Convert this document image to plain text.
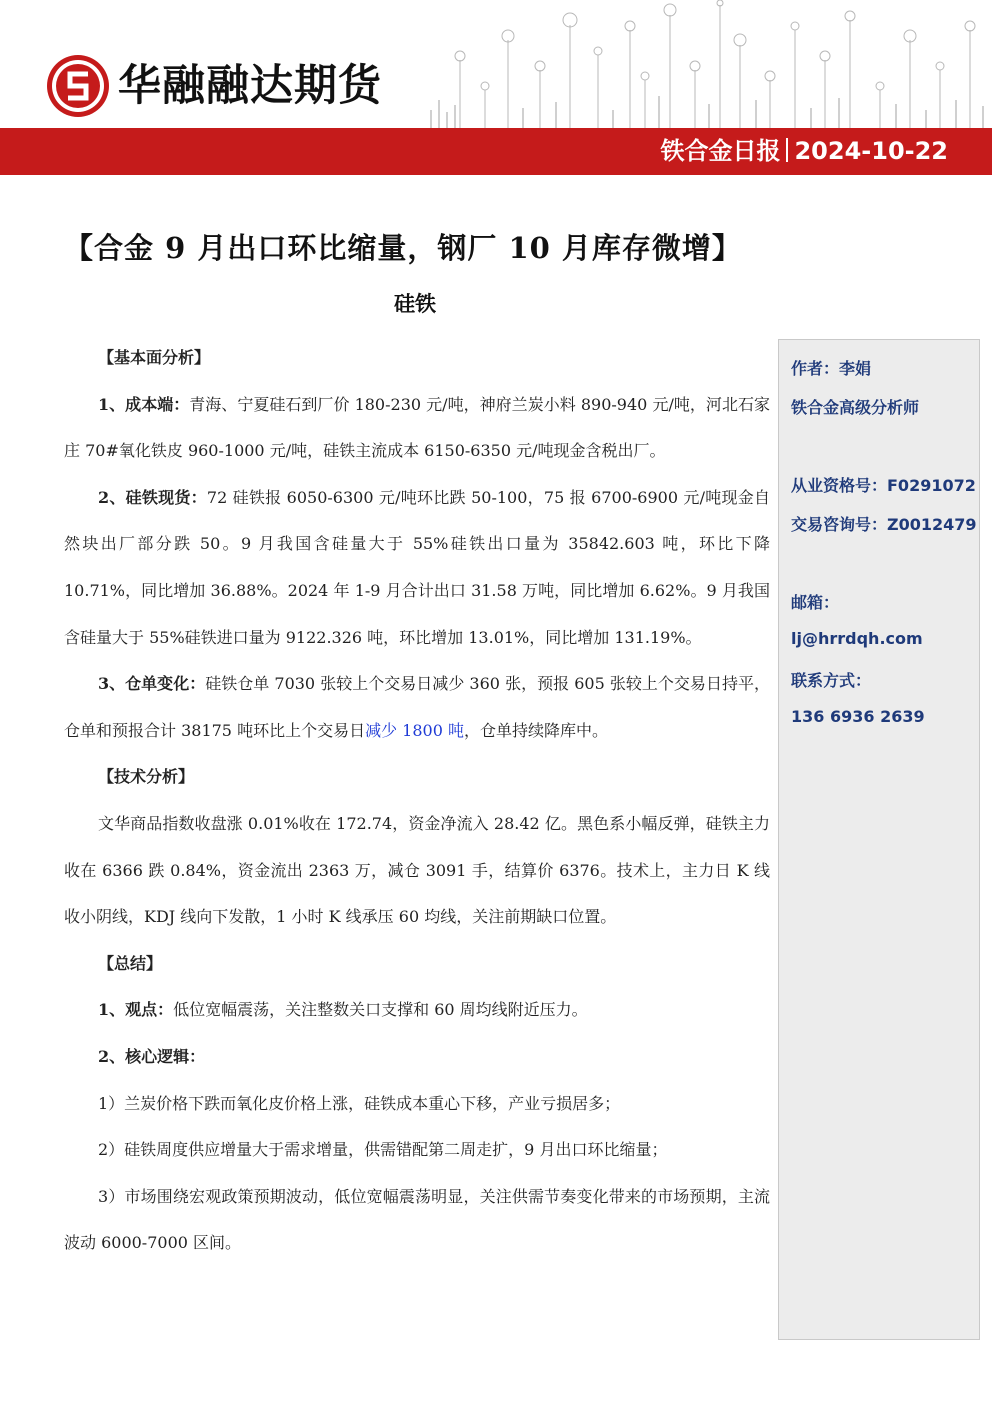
华融融达期货
铁合金日报 2024-10-22
【合金 9 月出口环比缩量，钢厂 10 月库存微增】
硅铁

【基本面分析】

1、成本端：青海、宁夏硅石到厂价 180-230 元/吨，神府兰炭小料 890-940 元/吨，河北石家庄 70#氧化铁皮 960-1000 元/吨，硅铁主流成本 6150-6350 元/吨现金含税出厂。

2、硅铁现货：72 硅铁报 6050-6300 元/吨环比跌 50-100，75 报 6700-6900 元/吨现金自然块出厂部分跌 50。9 月我国含硅量大于 55%硅铁出口量为 35842.603 吨，环比下降 10.71%，同比增加 36.88%。2024 年 1-9 月合计出口 31.58 万吨，同比增加 6.62%。9 月我国含硅量大于 55%硅铁进口量为 9122.326 吨，环比增加 13.01%，同比增加 131.19%。

3、仓单变化：硅铁仓单 7030 张较上个交易日减少 360 张，预报 605 张较上个交易日持平，仓单和预报合计 38175 吨环比上个交易日减少 1800 吨，仓单持续降库中。

【技术分析】

文华商品指数收盘涨 0.01%收在 172.74，资金净流入 28.42 亿。黑色系小幅反弹，硅铁主力收在 6366 跌 0.84%，资金流出 2363 万，减仓 3091 手，结算价 6376。技术上，主力日 K 线收小阴线，KDJ 线向下发散，1 小时 K 线承压 60 均线，关注前期缺口位置。

【总结】

1、观点：低位宽幅震荡，关注整数关口支撑和 60 周均线附近压力。

2、核心逻辑：

1）兰炭价格下跌而氧化皮价格上涨，硅铁成本重心下移，产业亏损居多；

2）硅铁周度供应增量大于需求增量，供需错配第二周走扩，9 月出口环比缩量；

3）市场围绕宏观政策预期波动，低位宽幅震荡明显，关注供需节奏变化带来的市场预期，主流波动 6000-7000 区间。

作者：李娟
铁合金高级分析师
从业资格号：F0291072
交易咨询号：Z0012479
邮箱：
lj@hrrdqh.com
联系方式：
136 6936 2639
